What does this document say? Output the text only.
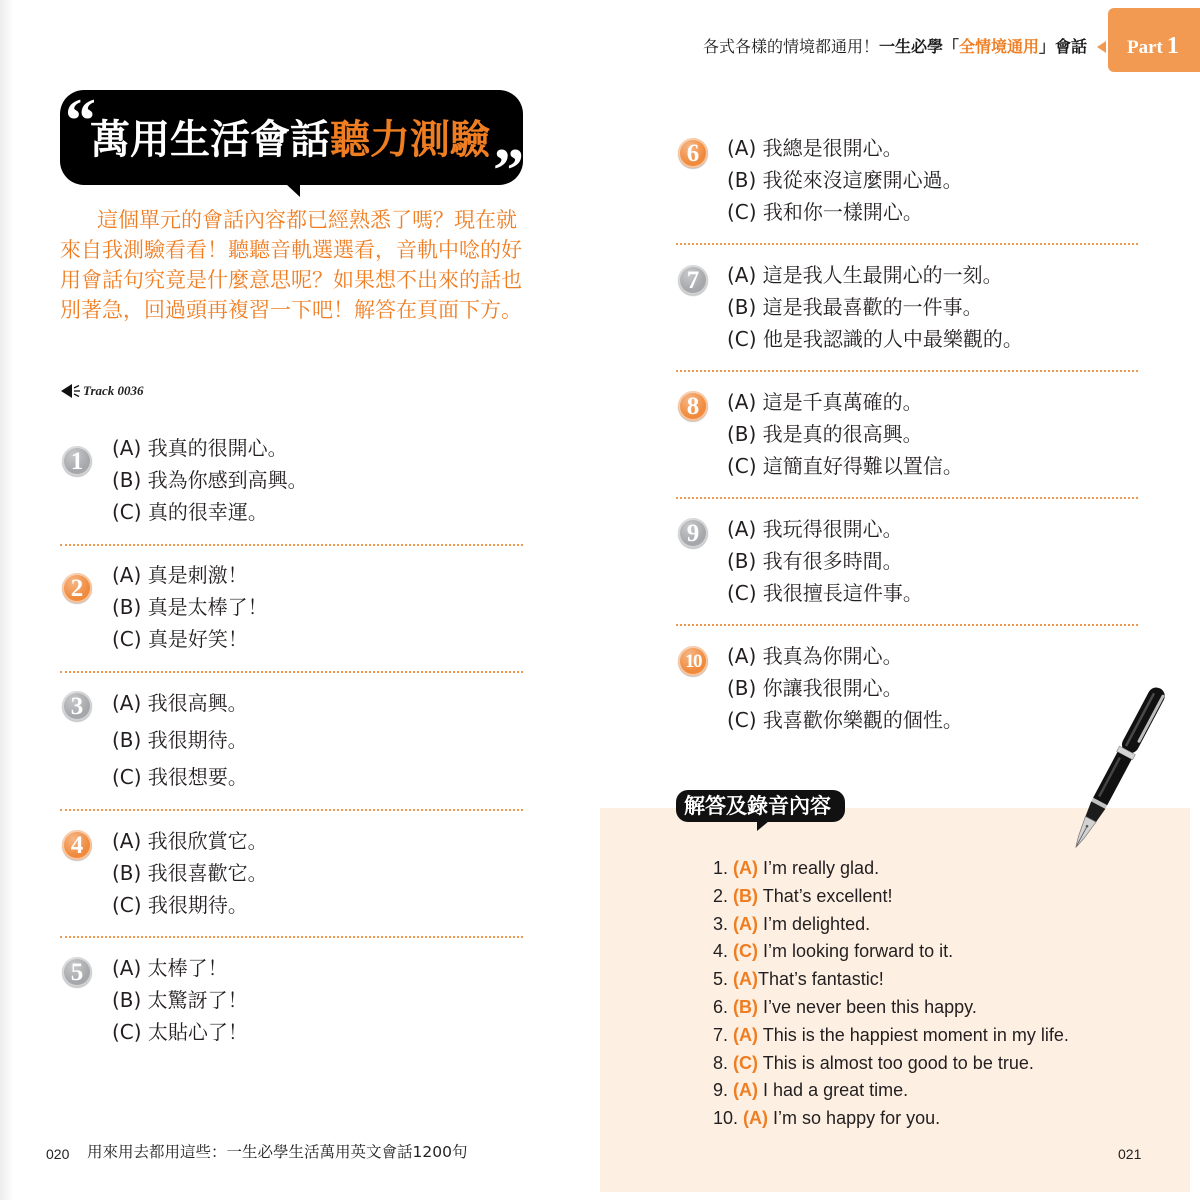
“
萬用生活會話聽力測驗 ”
這個單元的會話內容都已經熟悉了嗎？現在就
來自我測驗看看！聽聽音軌選選看，音軌中唸的好
用會話句究竟是什麼意思呢？如果想不出來的話也
別著急，回過頭再複習一下吧！解答在頁面下方。
Track 0036
1	(A) 我真的很開心。
(B) 我為你感到高興。
(C) 真的很幸運。
2	(A) 真是刺激！
(B) 真是太棒了！
(C) 真是好笑！
3	(A) 我很高興。
(B) 我很期待。
(C) 我很想要。
4	(A) 我很欣賞它。
(B) 我很喜歡它。
(C) 我很期待。
5	(A) 太棒了！
(B) 太驚訝了！
(C) 太貼心了！
020 用來用去都用這些：一生必學生活萬用英文會話1200句
各式各樣的情境都通用！一生必學「全情境通用」會話 Part 1
6	(A) 我總是很開心。
(B) 我從來沒這麼開心過。
(C) 我和你一樣開心。
7	(A) 這是我人生最開心的一刻。
(B) 這是我最喜歡的一件事。
(C) 他是我認識的人中最樂觀的。
8	(A) 這是千真萬確的。
(B) 我是真的很高興。
(C) 這簡直好得難以置信。
9	(A) 我玩得很開心。
(B) 我有很多時間。
(C) 我很擅長這件事。
10	(A) 我真為你開心。
(B) 你讓我很開心。
(C) 我喜歡你樂觀的個性。
解答及錄音內容
1. (A) I’m really glad.
2. (B) That’s excellent!
3. (A) I’m delighted.
4. (C) I’m looking forward to it.
5. (A)That’s fantastic!
6. (B) I’ve never been this happy.
7. (A) This is the happiest moment in my life.
8. (C) This is almost too good to be true.
9. (A) I had a great time.
10. (A) I’m so happy for you.
021
